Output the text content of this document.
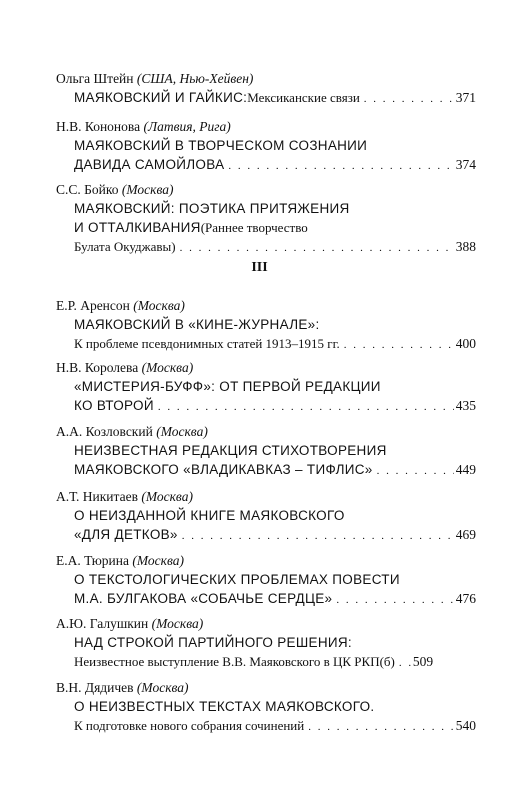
Ольга Штейн (США, Нью-Хейвен)
МАЯКОВСКИЙ И ГАЙКИС: Мексиканские связи . . .	371
Н.В. Кононова (Латвия, Рига)
МАЯКОВСКИЙ В ТВОРЧЕСКОМ СОЗНАНИИ
ДАВИДА САМОЙЛОВА . . .	374
С.С. Бойко (Москва)
МАЯКОВСКИЙ: ПОЭТИКА ПРИТЯЖЕНИЯ
И ОТТАЛКИВАНИЯ (Раннее творчество
Булата Окуджавы) . . .	388
III
Е.Р. Аренсон (Москва)
МАЯКОВСКИЙ В «КИНЕ-ЖУРНАЛЕ»:
К проблеме псевдонимных статей 1913–1915 гг. . . .	400
Н.В. Королева (Москва)
«МИСТЕРИЯ-БУФФ»: ОТ ПЕРВОЙ РЕДАКЦИИ
КО ВТОРОЙ . . .	435
А.А. Козловский (Москва)
НЕИЗВЕСТНАЯ РЕДАКЦИЯ СТИХОТВОРЕНИЯ
МАЯКОВСКОГО «ВЛАДИКАВКАЗ – ТИФЛИС» . . .	449
А.Т. Никитаев (Москва)
О НЕИЗДАННОЙ КНИГЕ МАЯКОВСКОГО
«ДЛЯ ДЕТКОВ» . . .	469
Е.А. Тюрина (Москва)
О ТЕКСТОЛОГИЧЕСКИХ ПРОБЛЕМАХ ПОВЕСТИ
М.А. БУЛГАКОВА «СОБАЧЬЕ СЕРДЦЕ» . . .	476
А.Ю. Галушкин (Москва)
НАД СТРОКОЙ ПАРТИЙНОГО РЕШЕНИЯ:
Неизвестное выступление В.В. Маяковского в ЦК РКП(б) . . . 509
В.Н. Дядичев (Москва)
О НЕИЗВЕСТНЫХ ТЕКСТАХ МАЯКОВСКОГО.
К подготовке нового собрания сочинений . . .	540
